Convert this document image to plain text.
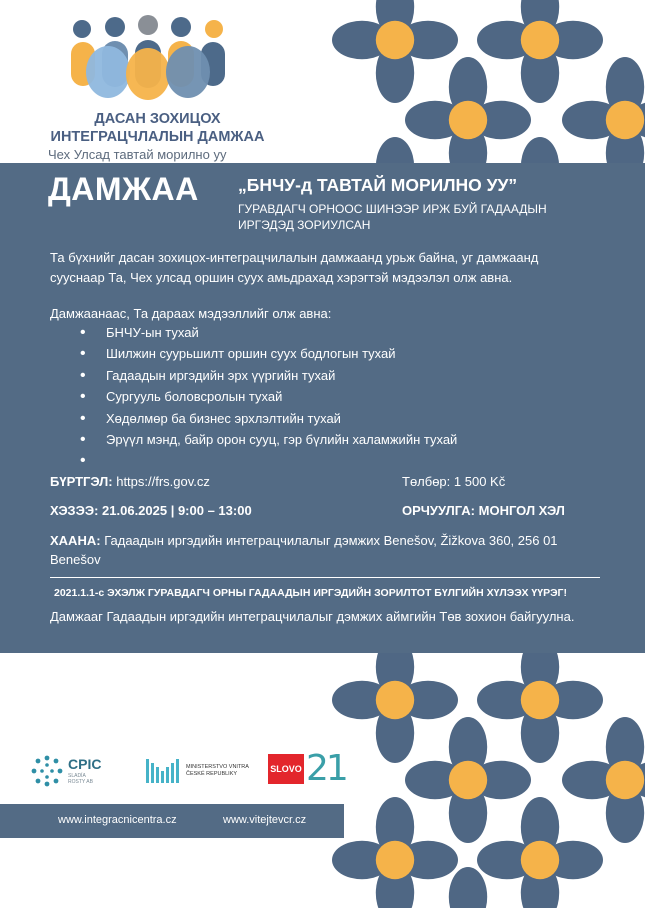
ДАСАН ЗОХИЦОХ
ИНТЕГРАЦЧЛАЛЫН ДАМЖАА
Чех Улсад тавтай морилно уу
ДАМЖАА „БНЧУ-д ТАВТАЙ МОРИЛНО УУ”
ГУРАВДАГЧ ОРНООС ШИНЭЭР ИРЖ БУЙ ГАДААДЫН
ИРГЭДЭД ЗОРИУЛСАН
Та бүхнийг дасан зохицох-интеграцчилалын дамжаанд урьж байна, уг дамжаанд сууснаар Та, Чех улсад оршин суух амьдрахад хэрэгтэй мэдээлэл олж авна.
Дамжаанаас, Та дараах мэдээллийг олж авна:
• БНЧУ-ын тухай
• Шилжин суурьшилт оршин суух бодлогын тухай
• Гадаадын иргэдийн эрх үүргийн тухай
• Сургууль боловсролын тухай
• Хөдөлмөр ба бизнес эрхлэлтийн тухай
• Эрүүл мэнд, байр орон сууц, гэр бүлийн халамжийн тухай
•
БҮРТГЭЛ: https://frs.gov.cz	Төлбөр: 1 500 Kč
ХЭЗЭЭ: 21.06.2025 | 9:00 – 13:00	ОРЧУУЛГА: МОНГОЛ ХЭЛ
ХААНА: Гадаадын иргэдийн интеграцчилалыг дэмжих Benešov, Žižkova 360, 256 01
Benešov
2021.1.1-с ЭХЭЛЖ ГУРАВДАГЧ ОРНЫ ГАДААДЫН ИРГЭДИЙН ЗОРИЛТОТ БҮЛГИЙН ХҮЛЭЭХ ҮҮРЭГ!
Дамжааг Гадаадын иргэдийн интеграцчилалыг дэмжих аймгийн Төв зохион байгуулна.
CPIC
SLADÍA
ROSTY AB
MINISTERSTVO VNITRA
ČESKÉ REPUBLIKY	SLOVO 21
www.integracnicentra.cz	www.vitejtevcr.cz
